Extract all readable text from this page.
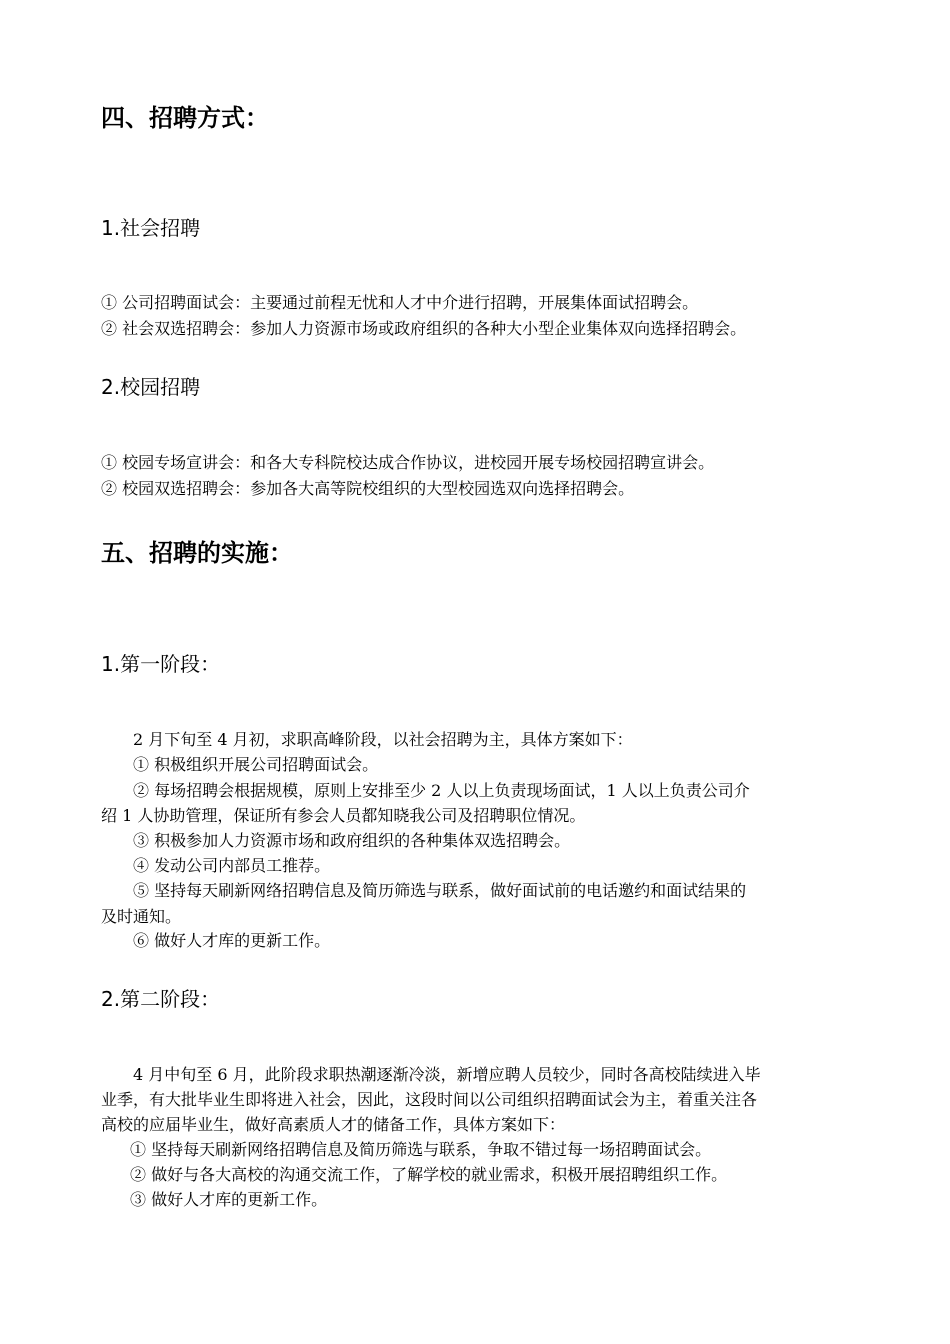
四、招聘方式：
1.社会招聘
① 公司招聘面试会：主要通过前程无忧和人才中介进行招聘，开展集体面试招聘会。
② 社会双选招聘会：参加人力资源市场或政府组织的各种大小型企业集体双向选择招聘会。
2.校园招聘
① 校园专场宣讲会：和各大专科院校达成合作协议，进校园开展专场校园招聘宣讲会。
② 校园双选招聘会：参加各大高等院校组织的大型校园选双向选择招聘会。
五、招聘的实施：
1.第一阶段：
2 月下旬至 4 月初，求职高峰阶段，以社会招聘为主，具体方案如下：
① 积极组织开展公司招聘面试会。
② 每场招聘会根据规模，原则上安排至少 2 人以上负责现场面试，1 人以上负责公司介
绍 1 人协助管理，保证所有参会人员都知晓我公司及招聘职位情况。
③ 积极参加人力资源市场和政府组织的各种集体双选招聘会。
④ 发动公司内部员工推荐。
⑤ 坚持每天刷新网络招聘信息及简历筛选与联系，做好面试前的电话邀约和面试结果的
及时通知。
⑥ 做好人才库的更新工作。
2.第二阶段：
4 月中旬至 6 月，此阶段求职热潮逐渐冷淡，新增应聘人员较少，同时各高校陆续进入毕
业季，有大批毕业生即将进入社会，因此，这段时间以公司组织招聘面试会为主，着重关注各
高校的应届毕业生，做好高素质人才的储备工作，具体方案如下：
① 坚持每天刷新网络招聘信息及简历筛选与联系，争取不错过每一场招聘面试会。
② 做好与各大高校的沟通交流工作，了解学校的就业需求，积极开展招聘组织工作。
③ 做好人才库的更新工作。
